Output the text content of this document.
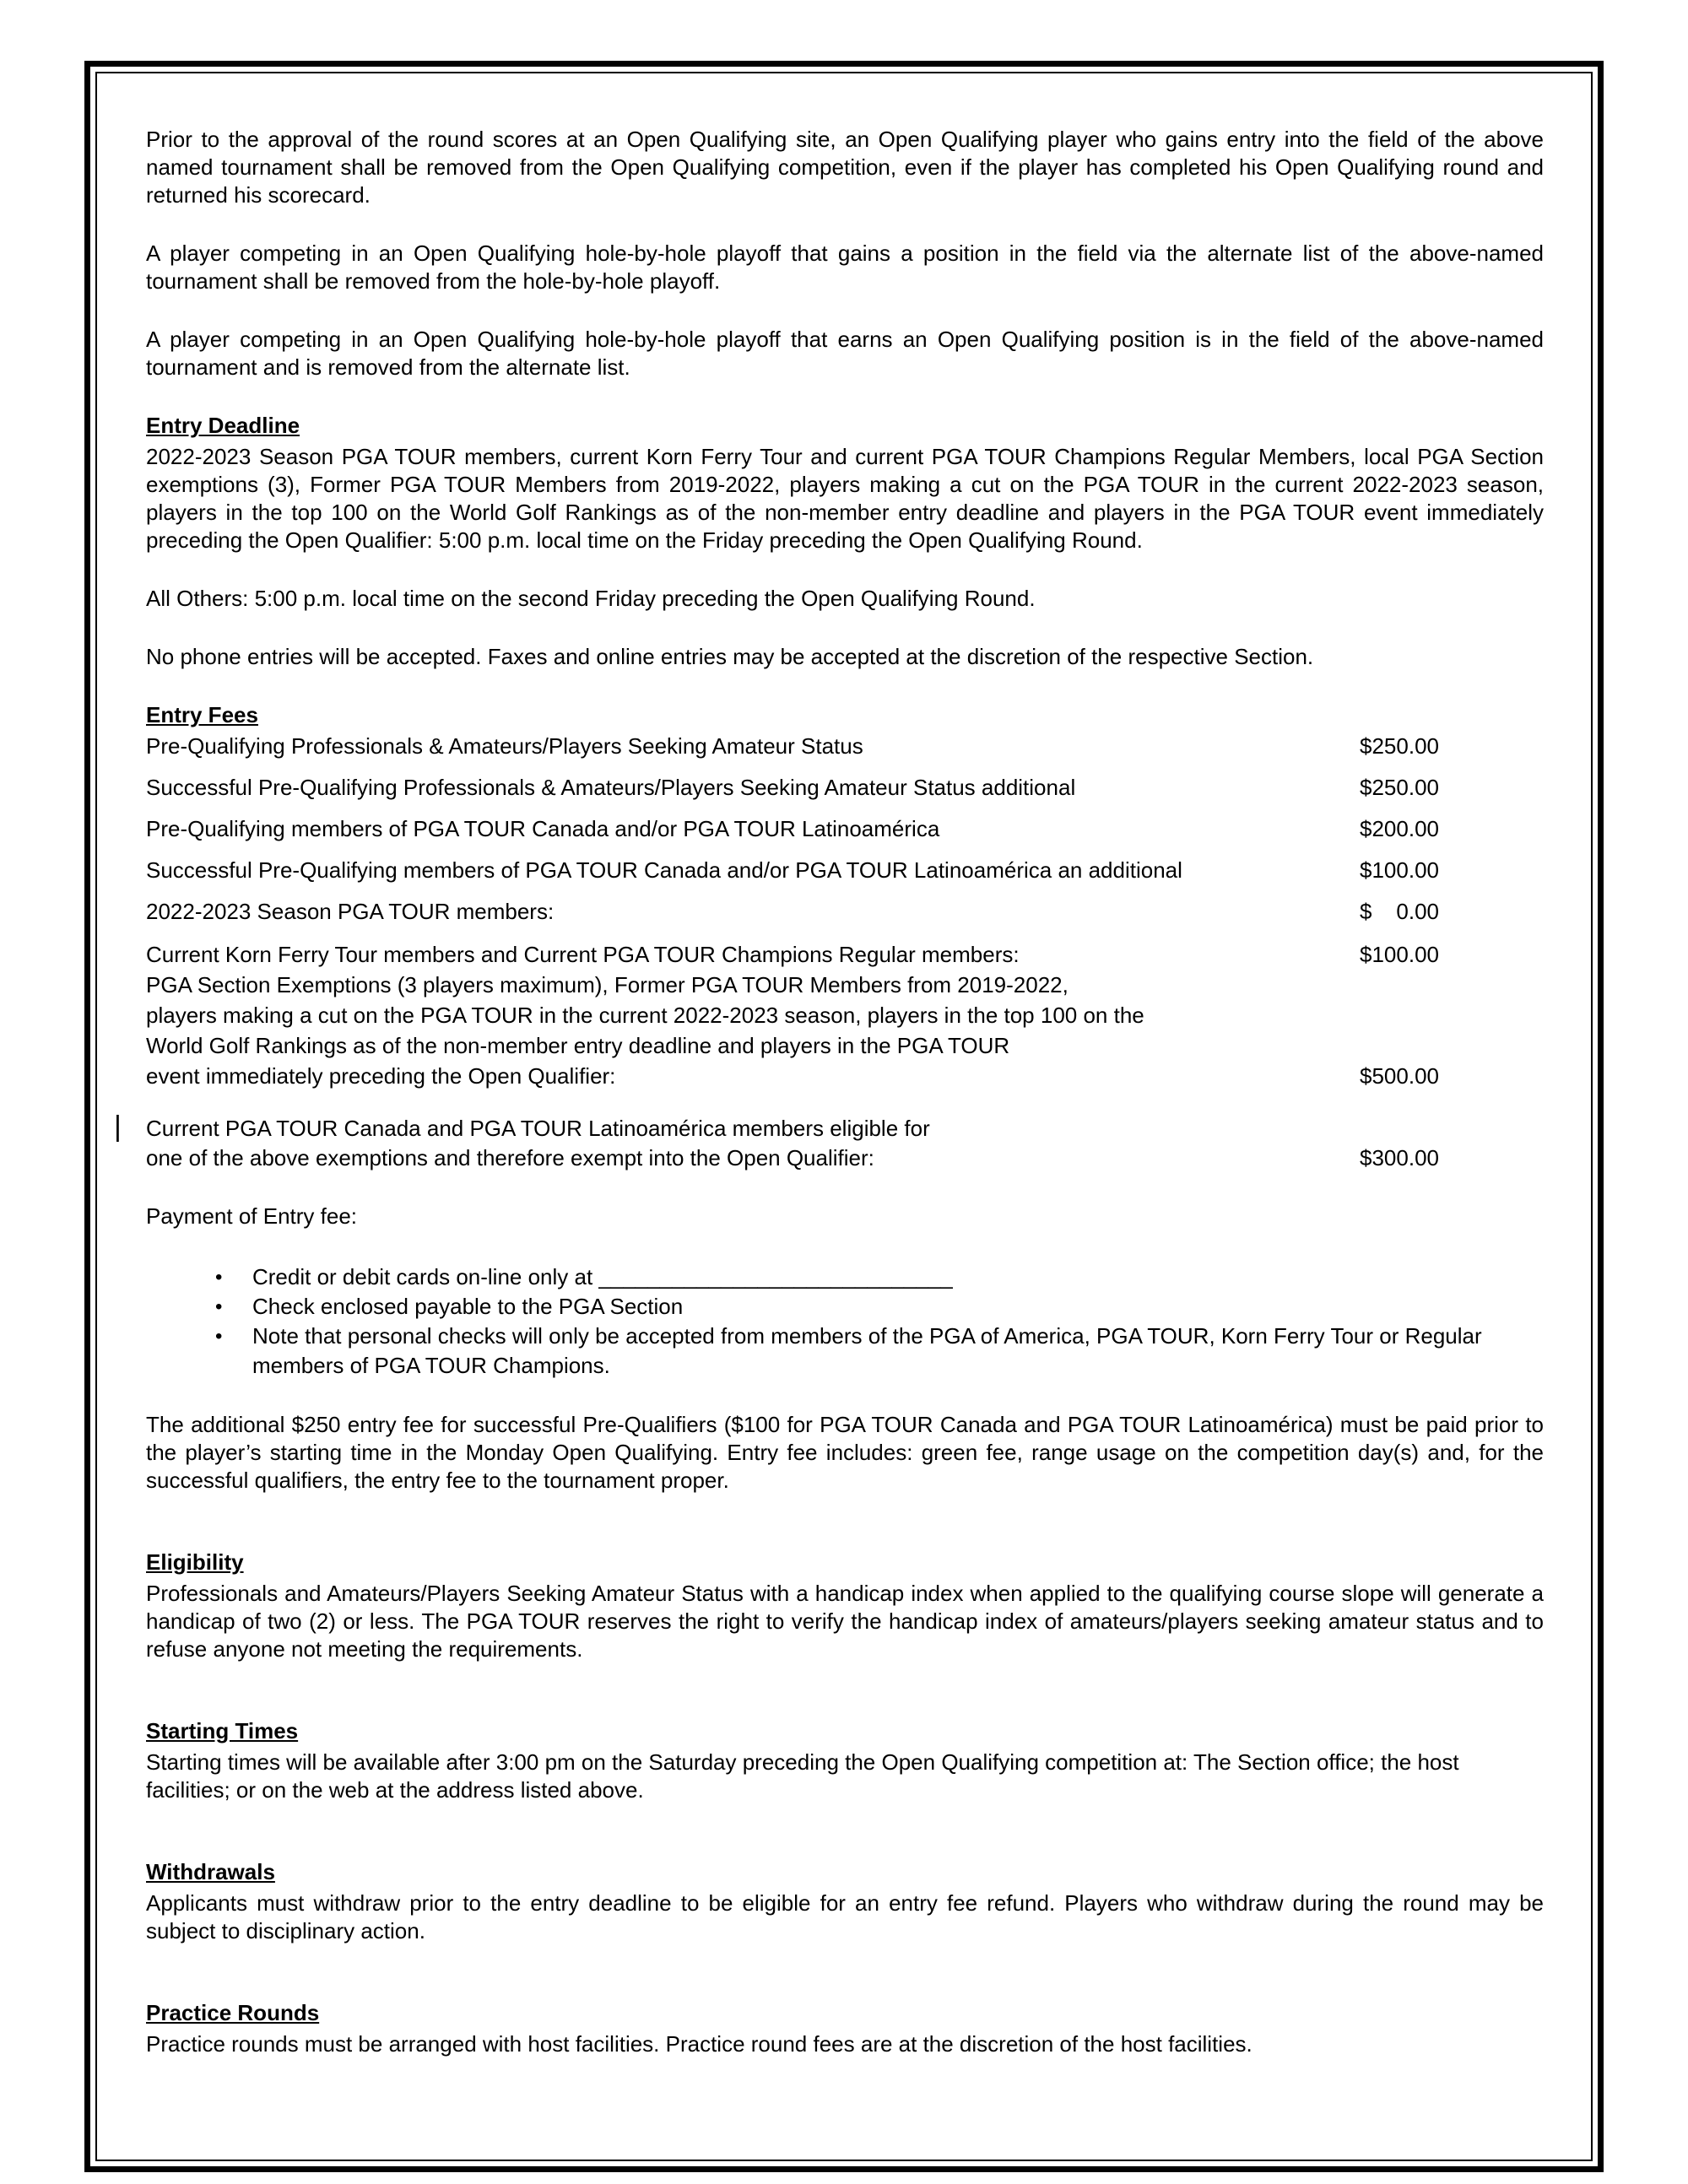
Prior to the approval of the round scores at an Open Qualifying site, an Open Qualifying player who gains entry into the field of the above named tournament shall be removed from the Open Qualifying competition, even if the player has completed his Open Qualifying round and returned his scorecard.

A player competing in an Open Qualifying hole-by-hole playoff that gains a position in the field via the alternate list of the above-named tournament shall be removed from the hole-by-hole playoff.

A player competing in an Open Qualifying hole-by-hole playoff that earns an Open Qualifying position is in the field of the above-named tournament and is removed from the alternate list.

Entry Deadline

2022-2023 Season PGA TOUR members, current Korn Ferry Tour and current PGA TOUR Champions Regular Members, local PGA Section exemptions (3), Former PGA TOUR Members from 2019-2022, players making a cut on the PGA TOUR in the current 2022-2023 season, players in the top 100 on the World Golf Rankings as of the non-member entry deadline and players in the PGA TOUR event immediately preceding the Open Qualifier: 5:00 p.m. local time on the Friday preceding the Open Qualifying Round.

All Others: 5:00 p.m. local time on the second Friday preceding the Open Qualifying Round.

No phone entries will be accepted. Faxes and online entries may be accepted at the discretion of the respective Section.

Entry Fees
Pre-Qualifying Professionals & Amateurs/Players Seeking Amateur Status	$250.00
Successful Pre-Qualifying Professionals & Amateurs/Players Seeking Amateur Status additional	$250.00
Pre-Qualifying members of PGA TOUR Canada and/or PGA TOUR Latinoamérica	$200.00
Successful Pre-Qualifying members of PGA TOUR Canada and/or PGA TOUR Latinoamérica an additional	$100.00
2022-2023 Season PGA TOUR members:	$    0.00
Current Korn Ferry Tour members and Current PGA TOUR Champions Regular members:	$100.00
PGA Section Exemptions (3 players maximum), Former PGA TOUR Members from 2019-2022,
players making a cut on the PGA TOUR in the current 2022-2023 season, players in the top 100 on the
World Golf Rankings as of the non-member entry deadline and players in the PGA TOUR
event immediately preceding the Open Qualifier:	$500.00
| Current PGA TOUR Canada and PGA TOUR Latinoamérica members eligible for
one of the above exemptions and therefore exempt into the Open Qualifier:	$300.00

Payment of Entry fee:

•	Credit or debit cards on-line only at _____________________________
•	Check enclosed payable to the PGA Section
•	Note that personal checks will only be accepted from members of the PGA of America, PGA TOUR, Korn Ferry Tour or Regular members of PGA TOUR Champions.

The additional $250 entry fee for successful Pre-Qualifiers ($100 for PGA TOUR Canada and PGA TOUR Latinoamérica) must be paid prior to the player’s starting time in the Monday Open Qualifying. Entry fee includes: green fee, range usage on the competition day(s) and, for the successful qualifiers, the entry fee to the tournament proper.

Eligibility

Professionals and Amateurs/Players Seeking Amateur Status with a handicap index when applied to the qualifying course slope will generate a handicap of two (2) or less. The PGA TOUR reserves the right to verify the handicap index of amateurs/players seeking amateur status and to refuse anyone not meeting the requirements.

Starting Times

Starting times will be available after 3:00 pm on the Saturday preceding the Open Qualifying competition at: The Section office; the host facilities; or on the web at the address listed above.

Withdrawals

Applicants must withdraw prior to the entry deadline to be eligible for an entry fee refund. Players who withdraw during the round may be subject to disciplinary action.

Practice Rounds

Practice rounds must be arranged with host facilities. Practice round fees are at the discretion of the host facilities.
